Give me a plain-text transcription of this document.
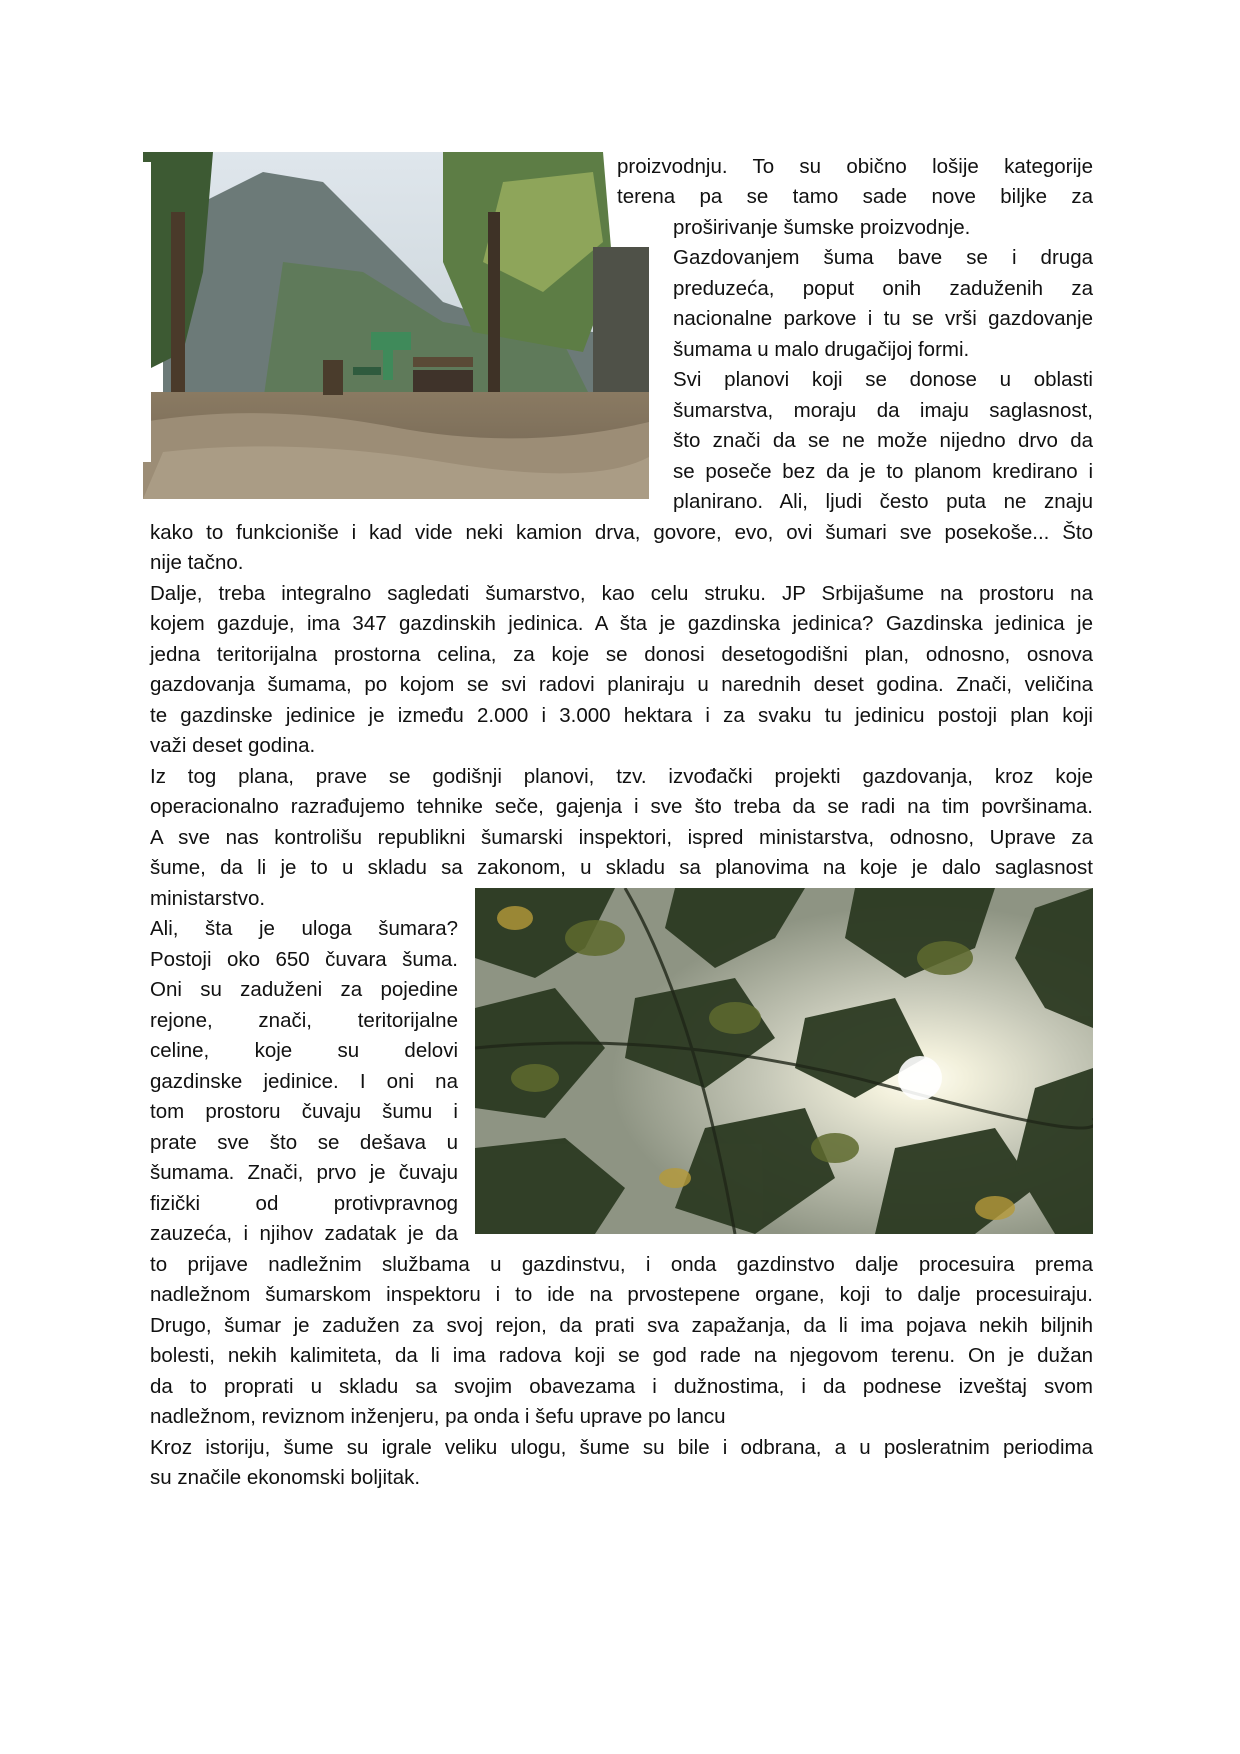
proizvodnju. To su obično lošije kategorije
terena pa se tamo sade nove biljke za
proširivanje šumske proizvodnje.
Gazdovanjem šuma bave se i druga
preduzeća, poput onih zaduženih za
nacionalne parkove i tu se vrši gazdovanje
šumama u malo drugačijoj formi.
Svi planovi koji se donose u oblasti
šumarstva, moraju da imaju saglasnost,
što znači da se ne može nijedno drvo da
se poseče bez da je to planom kredirano i
planirano. Ali, ljudi često puta ne znaju
kako to funkcioniše i kad vide neki kamion drva, govore, evo, ovi šumari sve posekoše... Što
nije tačno.
Dalje, treba integralno sagledati šumarstvo, kao celu struku. JP Srbijašume na prostoru na
kojem gazduje, ima 347 gazdinskih jedinica. A šta je gazdinska jedinica? Gazdinska jedinica je
jedna teritorijalna prostorna celina, za koje se donosi desetogodišni plan, odnosno, osnova
gazdovanja šumama, po kojom se svi radovi planiraju u narednih deset godina. Znači, veličina
te gazdinske jedinice je između 2.000 i 3.000 hektara i za svaku tu jedinicu postoji plan koji
važi deset godina.
Iz tog plana, prave se godišnji planovi, tzv. izvođački projekti gazdovanja, kroz koje
operacionalno razrađujemo tehnike seče, gajenja i sve što treba da se radi na tim površinama.
A sve nas kontrolišu republikni šumarski inspektori, ispred ministarstva, odnosno, Uprave za
šume, da li je to u skladu sa zakonom, u skladu sa planovima na koje je dalo saglasnost
ministarstvo.
Ali, šta je uloga šumara?
Postoji oko 650 čuvara šuma.
Oni su zaduženi za pojedine
rejone, znači, teritorijalne
celine, koje su delovi
gazdinske jedinice. I oni na
tom prostoru čuvaju šumu i
prate sve što se dešava u
šumama. Znači, prvo je čuvaju
fizički od protivpravnog
zauzeća, i njihov zadatak je da
to prijave nadležnim službama u gazdinstvu, i onda gazdinstvo dalje procesuira prema
nadležnom šumarskom inspektoru i to ide na prvostepene organe, koji to dalje procesuiraju.
Drugo, šumar je zadužen za svoj rejon, da prati sva zapažanja, da li ima pojava nekih biljnih
bolesti, nekih kalimiteta, da li ima radova koji se god rade na njegovom terenu. On je dužan
da to proprati u skladu sa svojim obavezama i dužnostima, i da podnese izveštaj svom
nadležnom, reviznom inženjeru, pa onda i šefu uprave po lancu
Kroz istoriju, šume su igrale veliku ulogu, šume su bile i odbrana, a u posleratnim periodima
su značile ekonomski boljitak.
